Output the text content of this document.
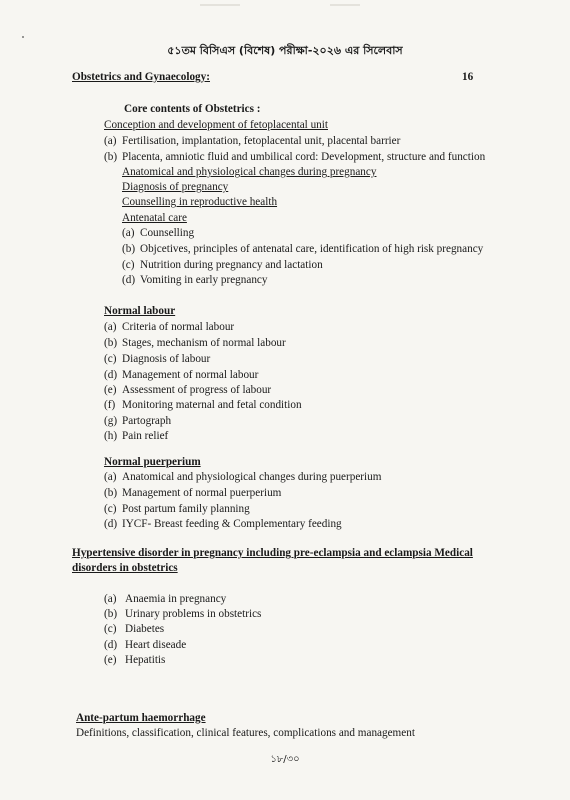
৫১তম বিসিএস (বিশেষ) পরীক্ষা-২০২৬ এর সিলেবাস
Obstetrics and Gynaecology:	16
Core contents of Obstetrics :
Conception and development of fetoplacental unit
(a) Fertilisation, implantation, fetoplacental unit, placental barrier
(b) Placenta, amniotic fluid and umbilical cord: Development, structure and function
Anatomical and physiological changes during pregnancy
Diagnosis of pregnancy
Counselling in reproductive health
Antenatal care
(a) Counselling
(b) Objcetives, principles of antenatal care, identification of high risk pregnancy
(c) Nutrition during pregnancy and lactation
(d) Vomiting in early pregnancy
Normal labour
(a) Criteria of normal labour
(b) Stages, mechanism of normal labour
(c) Diagnosis of labour
(d) Management of normal labour
(e) Assessment of progress of labour
(f) Monitoring maternal and fetal condition
(g) Partograph
(h) Pain relief
Normal puerperium
(a) Anatomical and physiological changes during puerperium
(b) Management of normal puerperium
(c) Post partum family planning
(d) IYCF- Breast feeding & Complementary feeding
Hypertensive disorder in pregnancy including pre-eclampsia and eclampsia Medical
disorders in obstetrics
(a) Anaemia in pregnancy
(b) Urinary problems in obstetrics
(c) Diabetes
(d) Heart diseade
(e) Hepatitis
Ante-partum haemorrhage
Definitions, classification, clinical features, complications and management
১৮/৩০
